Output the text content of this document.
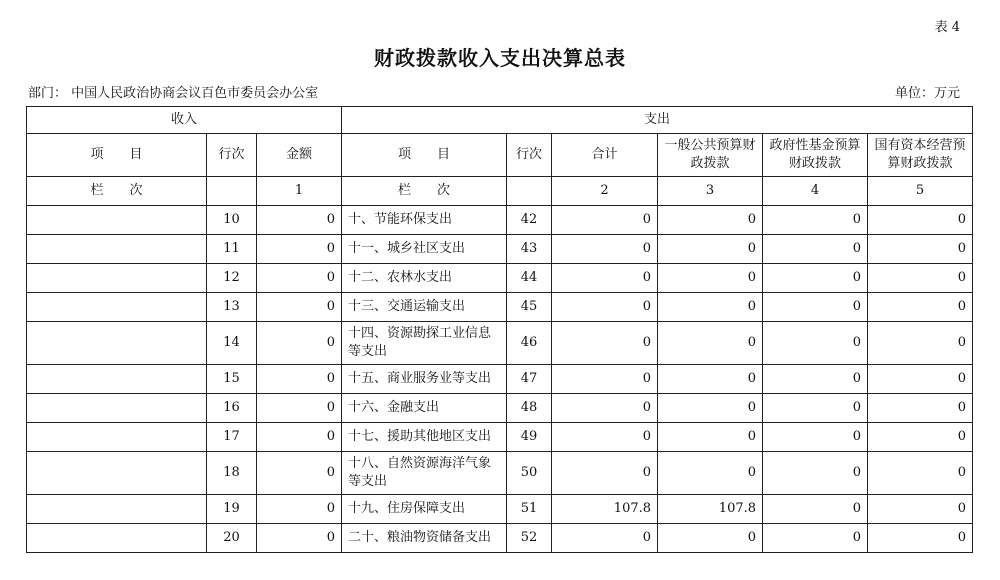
表 4
财政拨款收入支出决算总表
部门： 中国人民政治协商会议百色市委员会办公室	单位：万元
收入			支出					
项　　目	行次	金额	项　　目	行次	合计	一般公共预算财政拨款	政府性基金预算财政拨款	国有资本经营预算财政拨款
栏　　次		1	栏　　次		2	3	4	5
	10	0	十、节能环保支出	42	0	0	0	0
	11	0	十一、城乡社区支出	43	0	0	0	0
	12	0	十二、农林水支出	44	0	0	0	0
	13	0	十三、交通运输支出	45	0	0	0	0
	14	0	十四、资源勘探工业信息等支出	46	0	0	0	0
	15	0	十五、商业服务业等支出	47	0	0	0	0
	16	0	十六、金融支出	48	0	0	0	0
	17	0	十七、援助其他地区支出	49	0	0	0	0
	18	0	十八、自然资源海洋气象等支出	50	0	0	0	0
	19	0	十九、住房保障支出	51	107.8	107.8	0	0
	20	0	二十、粮油物资储备支出	52	0	0	0	0
